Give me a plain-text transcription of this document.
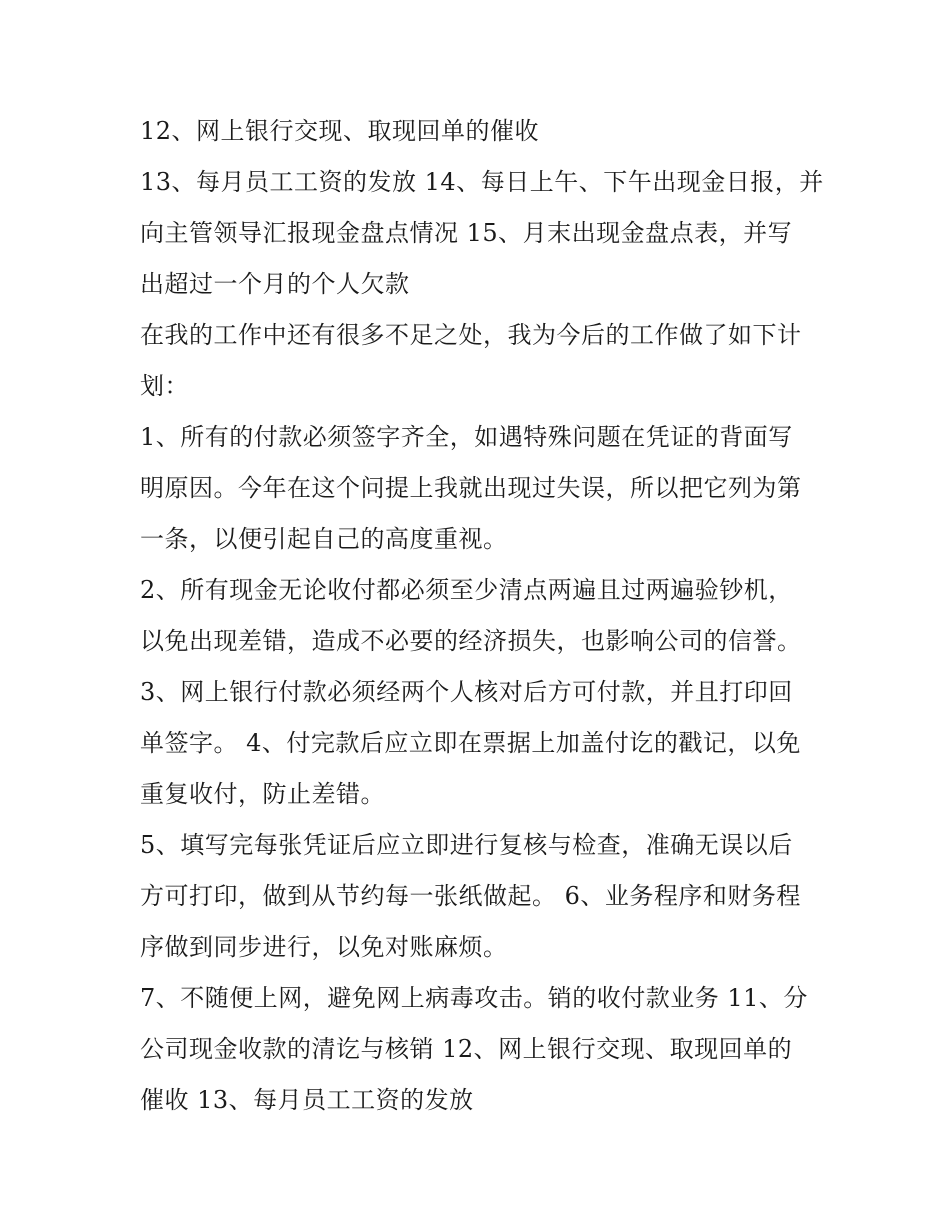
12、网上银行交现、取现回单的催收

13、每月员工工资的发放 14、每日上午、下午出现金日报，并

向主管领导汇报现金盘点情况 15、月末出现金盘点表，并写

出超过一个月的个人欠款

在我的工作中还有很多不足之处，我为今后的工作做了如下计

划：

1、所有的付款必须签字齐全，如遇特殊问题在凭证的背面写

明原因。今年在这个问提上我就出现过失误，所以把它列为第

一条，以便引起自己的高度重视。

2、所有现金无论收付都必须至少清点两遍且过两遍验钞机，

以免出现差错，造成不必要的经济损失，也影响公司的信誉。

3、网上银行付款必须经两个人核对后方可付款，并且打印回

单签字。 4、付完款后应立即在票据上加盖付讫的戳记，以免

重复收付，防止差错。

5、填写完每张凭证后应立即进行复核与检查，准确无误以后

方可打印，做到从节约每一张纸做起。 6、业务程序和财务程

序做到同步进行，以免对账麻烦。

7、不随便上网，避免网上病毒攻击。销的收付款业务 11、分

公司现金收款的清讫与核销 12、网上银行交现、取现回单的

催收 13、每月员工工资的发放
